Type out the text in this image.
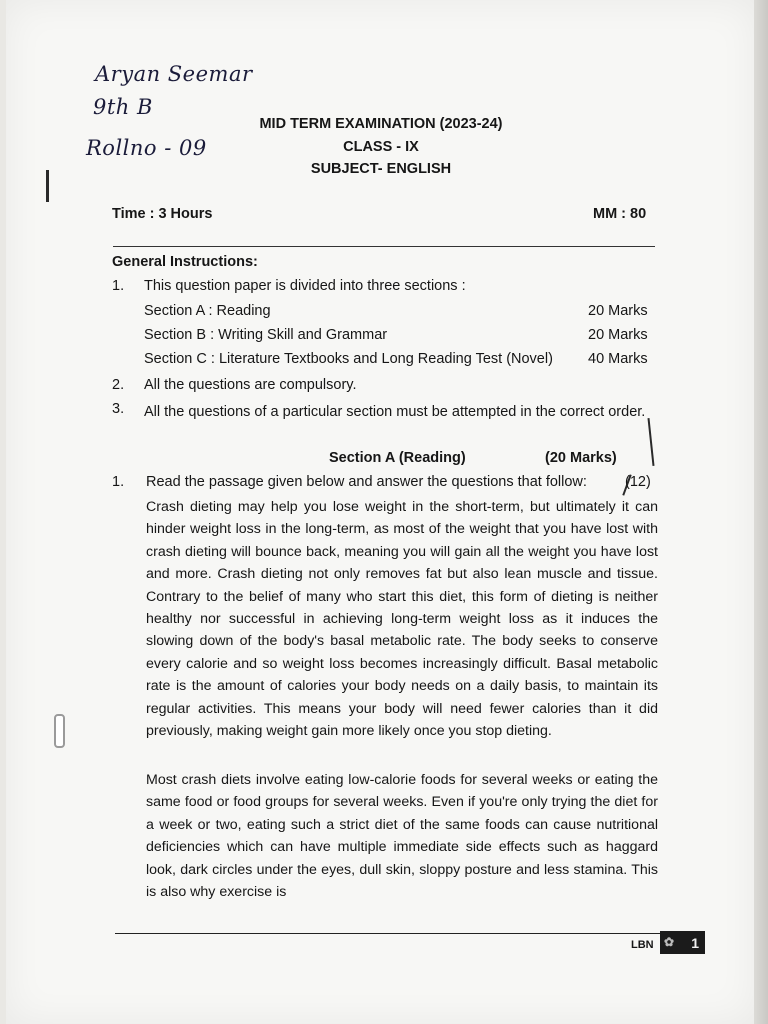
Aryan Seemar
9th B
Rollno - 09
MID TERM EXAMINATION (2023-24)
CLASS - IX
SUBJECT- ENGLISH
Time : 3 Hours	MM : 80
General Instructions:
1. This question paper is divided into three sections :
Section A : Reading	20 Marks
Section B : Writing Skill and Grammar	20 Marks
Section C : Literature Textbooks and Long Reading Test (Novel) 40 Marks
2. All the questions are compulsory.
3. All the questions of a particular section must be attempted in the correct order.
Section A (Reading)	(20 Marks)
1. Read the passage given below and answer the questions that follow:	(12)
Crash dieting may help you lose weight in the short-term, but ultimately it can hinder weight loss in the long-term, as most of the weight that you have lost with crash dieting will bounce back, meaning you will gain all the weight you have lost and more. Crash dieting not only removes fat but also lean muscle and tissue. Contrary to the belief of many who start this diet, this form of dieting is neither healthy nor successful in achieving long-term weight loss as it induces the slowing down of the body's basal metabolic rate. The body seeks to conserve every calorie and so weight loss becomes increasingly difficult. Basal metabolic rate is the amount of calories your body needs on a daily basis, to maintain its regular activities. This means your body will need fewer calories than it did previously, making weight gain more likely once you stop dieting.
Most crash diets involve eating low-calorie foods for several weeks or eating the same food or food groups for several weeks. Even if you're only trying the diet for a week or two, eating such a strict diet of the same foods can cause nutritional deficiencies which can have multiple immediate side effects such as haggard look, dark circles under the eyes, dull skin, sloppy posture and less stamina. This is also why exercise is
LBN ✿ 1
